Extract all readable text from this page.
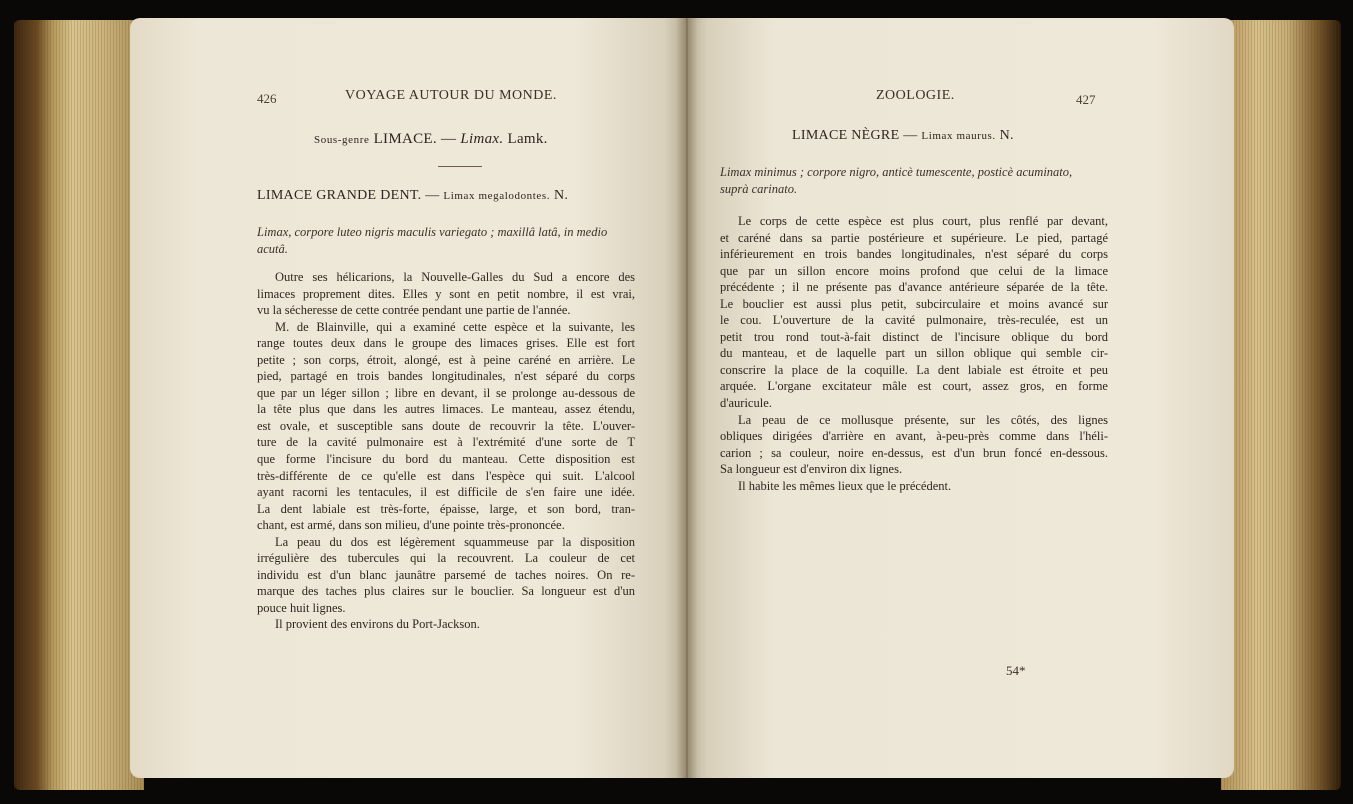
426	VOYAGE AUTOUR DU MONDE.
Sous-genre LIMACE. — Limax. Lamk.
LIMACE GRANDE DENT. — Limax megalodontes. N.
Limax, corpore luteo nigris maculis variegato ; maxillâ latâ, in medio
acutâ.

Outre ses hélicarions, la Nouvelle-Galles du Sud a encore des
limaces proprement dites. Elles y sont en petit nombre, il est vrai,
vu la sécheresse de cette contrée pendant une partie de l'année.

M. de Blainville, qui a examiné cette espèce et la suivante, les
range toutes deux dans le groupe des limaces grises. Elle est fort
petite ; son corps, étroit, alongé, est à peine caréné en arrière. Le
pied, partagé en trois bandes longitudinales, n'est séparé du corps
que par un léger sillon ; libre en devant, il se prolonge au-dessous de
la tête plus que dans les autres limaces. Le manteau, assez étendu,
est ovale, et susceptible sans doute de recouvrir la tête. L'ouver-
ture de la cavité pulmonaire est à l'extrémité d'une sorte de T
que forme l'incisure du bord du manteau. Cette disposition est
très-différente de ce qu'elle est dans l'espèce qui suit. L'alcool
ayant racorni les tentacules, il est difficile de s'en faire une idée.
La dent labiale est très-forte, épaisse, large, et son bord, tran-
chant, est armé, dans son milieu, d'une pointe très-prononcée.

La peau du dos est légèrement squammeuse par la disposition
irrégulière des tubercules qui la recouvrent. La couleur de cet
individu est d'un blanc jaunâtre parsemé de taches noires. On re-
marque des taches plus claires sur le bouclier. Sa longueur est d'un
pouce huit lignes.

Il provient des environs du Port-Jackson.

ZOOLOGIE.	427
LIMACE NÈGRE — Limax maurus. N.
Limax minimus ; corpore nigro, anticè tumescente, posticè acuminato,
suprà carinato.

Le corps de cette espèce est plus court, plus renflé par devant,
et caréné dans sa partie postérieure et supérieure. Le pied, partagé
inférieurement en trois bandes longitudinales, n'est séparé du corps
que par un sillon encore moins profond que celui de la limace
précédente ; il ne présente pas d'avance antérieure séparée de la tête.
Le bouclier est aussi plus petit, subcirculaire et moins avancé sur
le cou. L'ouverture de la cavité pulmonaire, très-reculée, est un
petit trou rond tout-à-fait distinct de l'incisure oblique du bord
du manteau, et de laquelle part un sillon oblique qui semble cir-
conscrire la place de la coquille. La dent labiale est étroite et peu
arquée. L'organe excitateur mâle est court, assez gros, en forme
d'auricule.

La peau de ce mollusque présente, sur les côtés, des lignes
obliques dirigées d'arrière en avant, à-peu-près comme dans l'héli-
carion ; sa couleur, noire en-dessus, est d'un brun foncé en-dessous.
Sa longueur est d'environ dix lignes.

Il habite les mêmes lieux que le précédent.

54*
